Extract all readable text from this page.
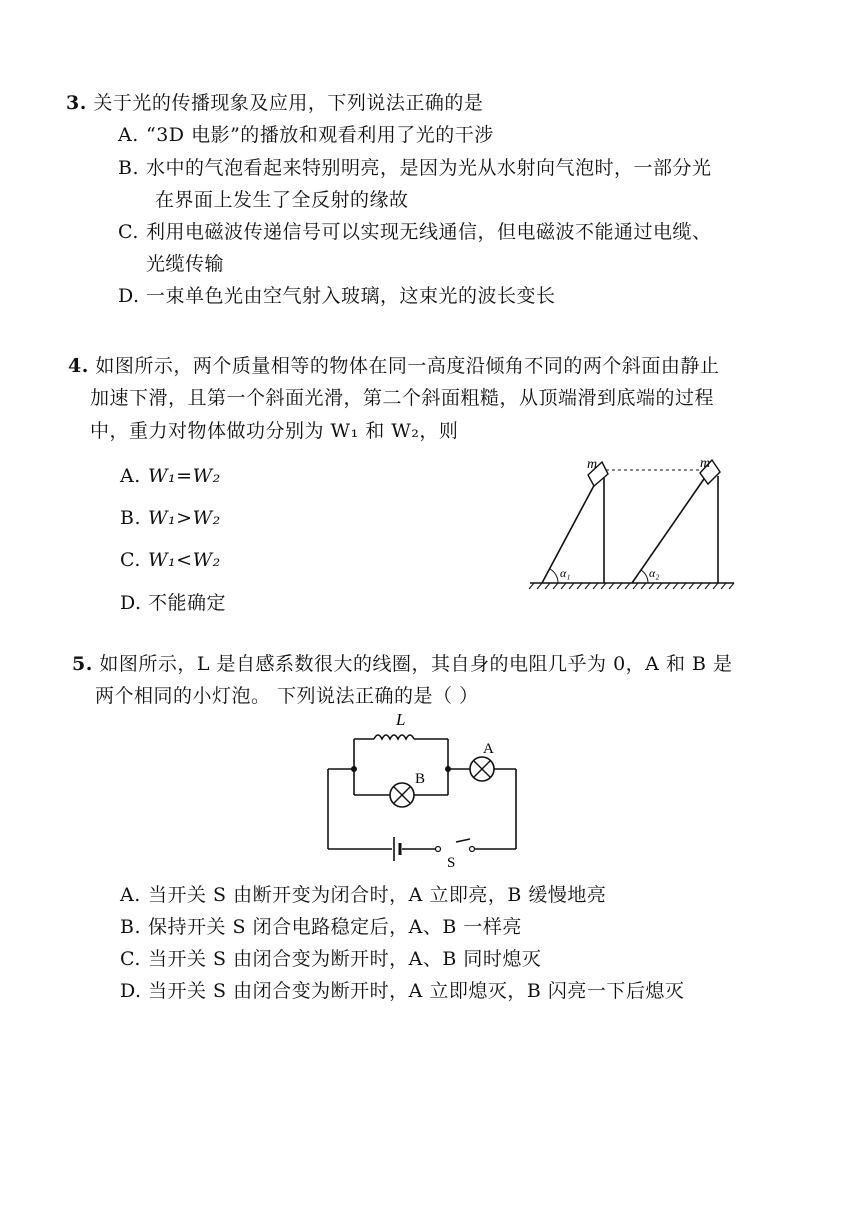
3. 关于光的传播现象及应用，下列说法正确的是
A. “3D 电影”的播放和观看利用了光的干涉
B. 水中的气泡看起来特别明亮，是因为光从水射向气泡时，一部分光
在界面上发生了全反射的缘故
C. 利用电磁波传递信号可以实现无线通信，但电磁波不能通过电缆、
光缆传输
D. 一束单色光由空气射入玻璃，这束光的波长变长
4. 如图所示，两个质量相等的物体在同一高度沿倾角不同的两个斜面由静止
加速下滑，且第一个斜面光滑，第二个斜面粗糙，从顶端滑到底端的过程
中，重力对物体做功分别为 W₁ 和 W₂，则
A. W₁=W₂
B. W₁>W₂
C. W₁<W₂
D. 不能确定
m	m
α₁	α₂
5. 如图所示，L 是自感系数很大的线圈，其自身的电阻几乎为 0，A 和 B 是
两个相同的小灯泡。 下列说法正确的是（ ）
L
A
B
S
A. 当开关 S 由断开变为闭合时，A 立即亮，B 缓慢地亮
B. 保持开关 S 闭合电路稳定后，A、B 一样亮
C. 当开关 S 由闭合变为断开时，A、B 同时熄灭
D. 当开关 S 由闭合变为断开时，A 立即熄灭，B 闪亮一下后熄灭
